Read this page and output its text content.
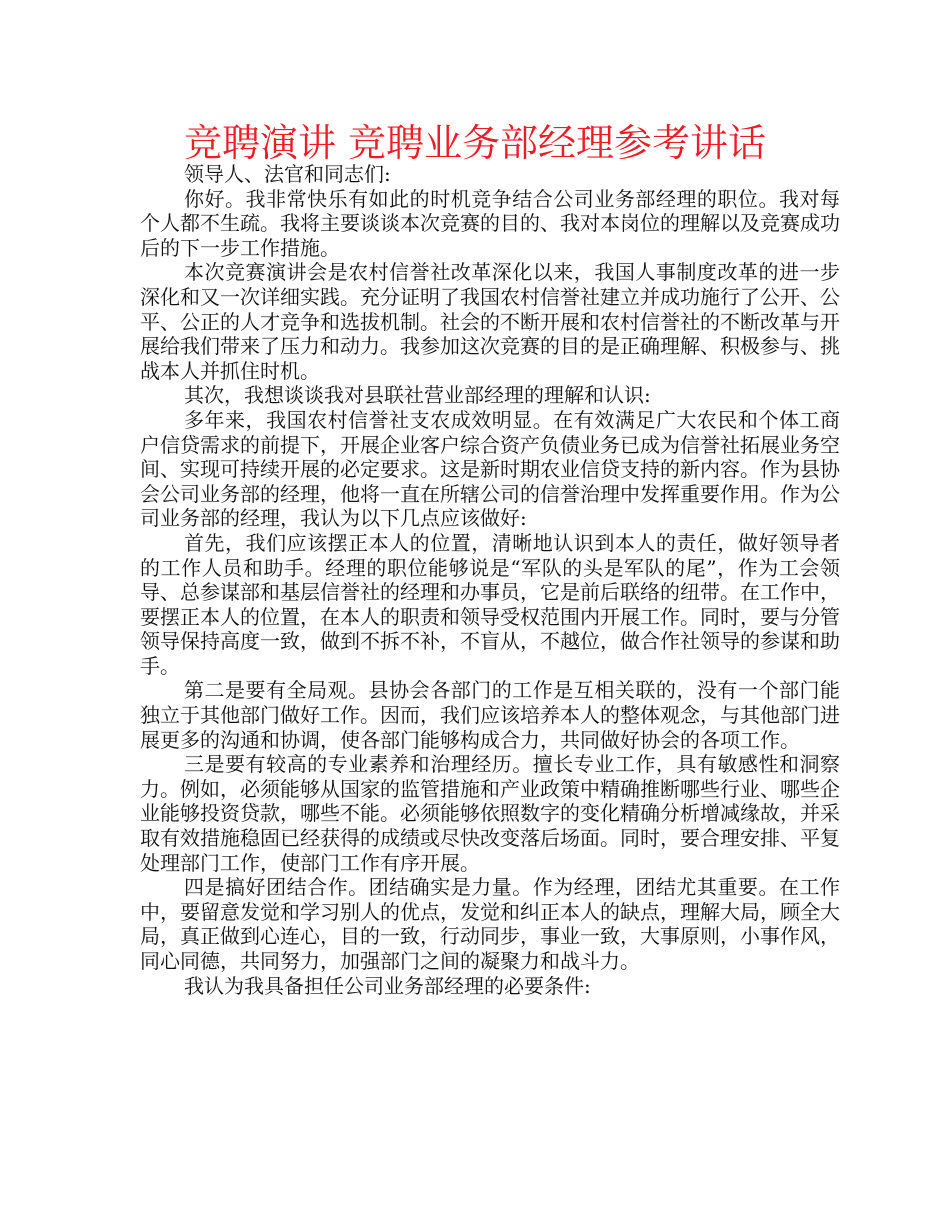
竞聘演讲 竞聘业务部经理参考讲话

领导人、法官和同志们:

你好。我非常快乐有如此的时机竞争结合公司业务部经理的职位。我对每个人都不生疏。我将主要谈谈本次竞赛的目的、我对本岗位的理解以及竞赛成功后的下一步工作措施。

本次竞赛演讲会是农村信誉社改革深化以来，我国人事制度改革的进一步深化和又一次详细实践。充分证明了我国农村信誉社建立并成功施行了公开、公平、公正的人才竞争和选拔机制。社会的不断开展和农村信誉社的不断改革与开展给我们带来了压力和动力。我参加这次竞赛的目的是正确理解、积极参与、挑战本人并抓住时机。

其次，我想谈谈我对县联社营业部经理的理解和认识:

多年来，我国农村信誉社支农成效明显。在有效满足广大农民和个体工商户信贷需求的前提下，开展企业客户综合资产负债业务已成为信誉社拓展业务空间、实现可持续开展的必定要求。这是新时期农业信贷支持的新内容。作为县协会公司业务部的经理，他将一直在所辖公司的信誉治理中发挥重要作用。作为公司业务部的经理，我认为以下几点应该做好:

首先，我们应该摆正本人的位置，清晰地认识到本人的责任，做好领导者的工作人员和助手。经理的职位能够说是“军队的头是军队的尾”，作为工会领导、总参谋部和基层信誉社的经理和办事员，它是前后联络的纽带。在工作中，要摆正本人的位置，在本人的职责和领导受权范围内开展工作。同时，要与分管领导保持高度一致，做到不拆不补，不盲从，不越位，做合作社领导的参谋和助手。

第二是要有全局观。县协会各部门的工作是互相关联的，没有一个部门能独立于其他部门做好工作。因而，我们应该培养本人的整体观念，与其他部门进展更多的沟通和协调，使各部门能够构成合力，共同做好协会的各项工作。

三是要有较高的专业素养和治理经历。擅长专业工作，具有敏感性和洞察力。例如，必须能够从国家的监管措施和产业政策中精确推断哪些行业、哪些企业能够投资贷款，哪些不能。必须能够依照数字的变化精确分析增减缘故，并采取有效措施稳固已经获得的成绩或尽快改变落后场面。同时，要合理安排、平复处理部门工作，使部门工作有序开展。

四是搞好团结合作。团结确实是力量。作为经理，团结尤其重要。在工作中，要留意发觉和学习别人的优点，发觉和纠正本人的缺点，理解大局，顾全大局，真正做到心连心，目的一致，行动同步，事业一致，大事原则，小事作风，同心同德，共同努力，加强部门之间的凝聚力和战斗力。

我认为我具备担任公司业务部经理的必要条件:
